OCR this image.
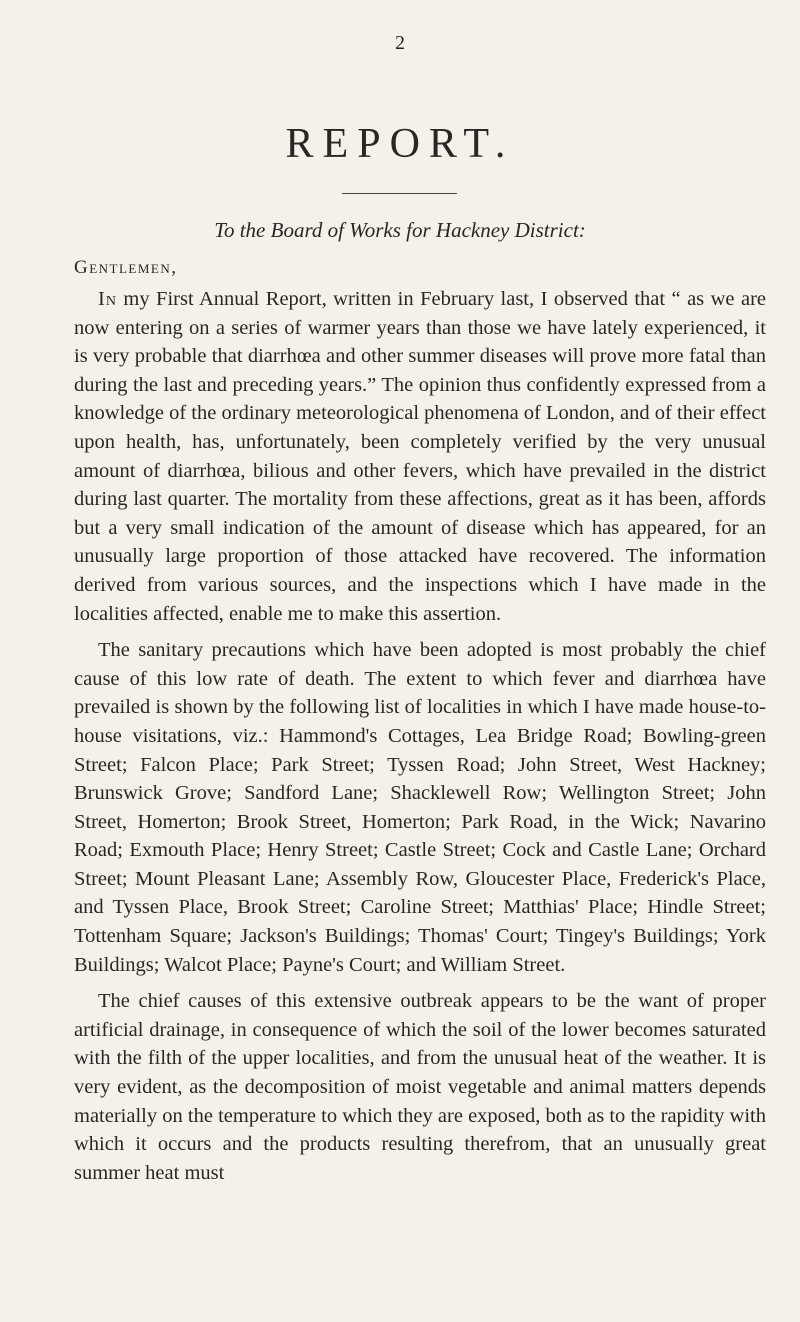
2
REPORT.
To the Board of Works for Hackney District:
Gentlemen,

In my First Annual Report, written in February last, I observed that “ as we are now entering on a series of warmer years than those we have lately experienced, it is very probable that diarrhœa and other summer diseases will prove more fatal than during the last and preceding years.” The opinion thus confidently expressed from a knowledge of the ordinary meteorological phenomena of London, and of their effect upon health, has, unfortunately, been completely verified by the very unusual amount of diarrhœa, bilious and other fevers, which have prevailed in the district during last quarter. The mortality from these affections, great as it has been, affords but a very small indication of the amount of disease which has appeared, for an unusually large proportion of those attacked have recovered. The information derived from various sources, and the inspections which I have made in the localities affected, enable me to make this assertion.

The sanitary precautions which have been adopted is most probably the chief cause of this low rate of death. The extent to which fever and diarrhœa have prevailed is shown by the following list of localities in which I have made house-to-house visitations, viz.: Hammond's Cottages, Lea Bridge Road; Bowling-green Street; Falcon Place; Park Street; Tyssen Road; John Street, West Hackney; Brunswick Grove; Sandford Lane; Shacklewell Row; Wellington Street; John Street, Homerton; Brook Street, Homerton; Park Road, in the Wick; Navarino Road; Exmouth Place; Henry Street; Castle Street; Cock and Castle Lane; Orchard Street; Mount Pleasant Lane; Assembly Row, Gloucester Place, Frederick's Place, and Tyssen Place, Brook Street; Caroline Street; Matthias' Place; Hindle Street; Tottenham Square; Jackson's Buildings; Thomas' Court; Tingey's Buildings; York Buildings; Walcot Place; Payne's Court; and William Street.

The chief causes of this extensive outbreak appears to be the want of proper artificial drainage, in consequence of which the soil of the lower becomes saturated with the filth of the upper localities, and from the unusual heat of the weather. It is very evident, as the decomposition of moist vegetable and animal matters depends materially on the temperature to which they are exposed, both as to the rapidity with which it occurs and the products resulting therefrom, that an unusually great summer heat must
